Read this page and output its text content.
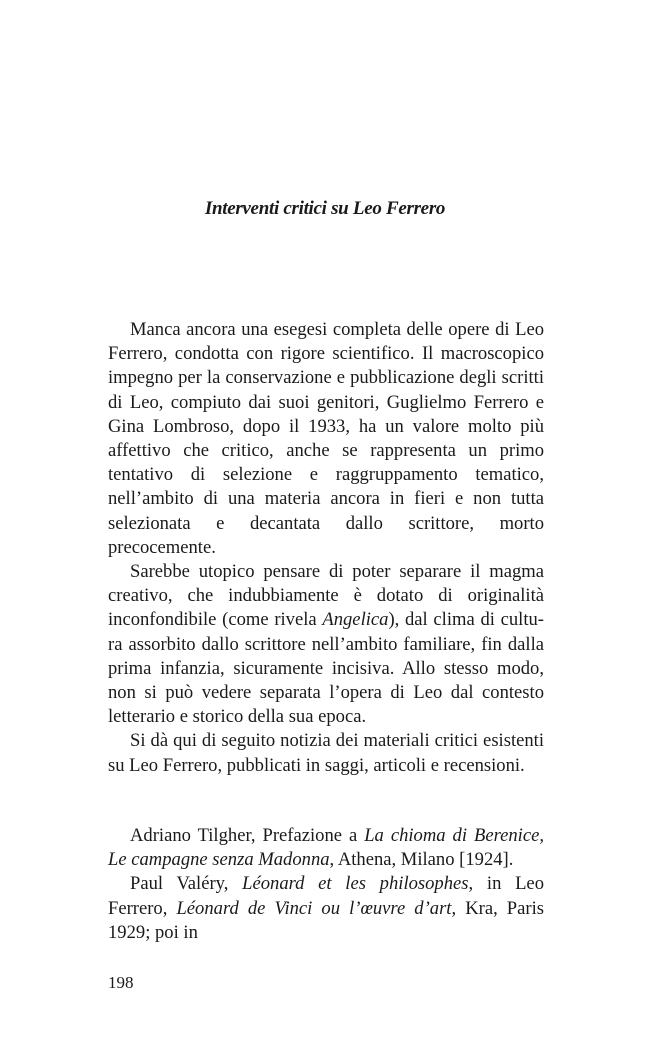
Interventi critici su Leo Ferrero

Manca ancora una esegesi completa delle opere di Leo Ferrero, condotta con rigore scientifico. Il macroscopico impegno per la conservazione e pubblicazione degli scritti di Leo, compiuto dai suoi genitori, Guglielmo Ferrero e Gina Lombroso, dopo il 1933, ha un valore molto più affettivo che critico, anche se rappresenta un primo tentativo di selezione e raggruppamento tematico, nell’ambito di una materia ancora in fieri e non tutta selezionata e decantata dallo scrittore, morto precocemente.

Sarebbe utopico pensare di poter separare il magma creativo, che indubbiamente è dotato di originalità inconfondibile (come rivela Angelica), dal clima di cultura assorbito dallo scrittore nell’ambito familiare, fin dalla prima infanzia, sicuramente incisiva. Allo stesso modo, non si può vedere separata l’opera di Leo dal contesto letterario e storico della sua epoca.

Si dà qui di seguito notizia dei materiali critici esistenti su Leo Ferrero, pubblicati in saggi, articoli e recensioni.

Adriano Tilgher, Prefazione a La chioma di Berenice, Le campagne senza Madonna, Athena, Milano [1924].

Paul Valéry, Léonard et les philosophes, in Leo Ferrero, Léonard de Vinci ou l’œuvre d’art, Kra, Paris 1929; poi in

198
